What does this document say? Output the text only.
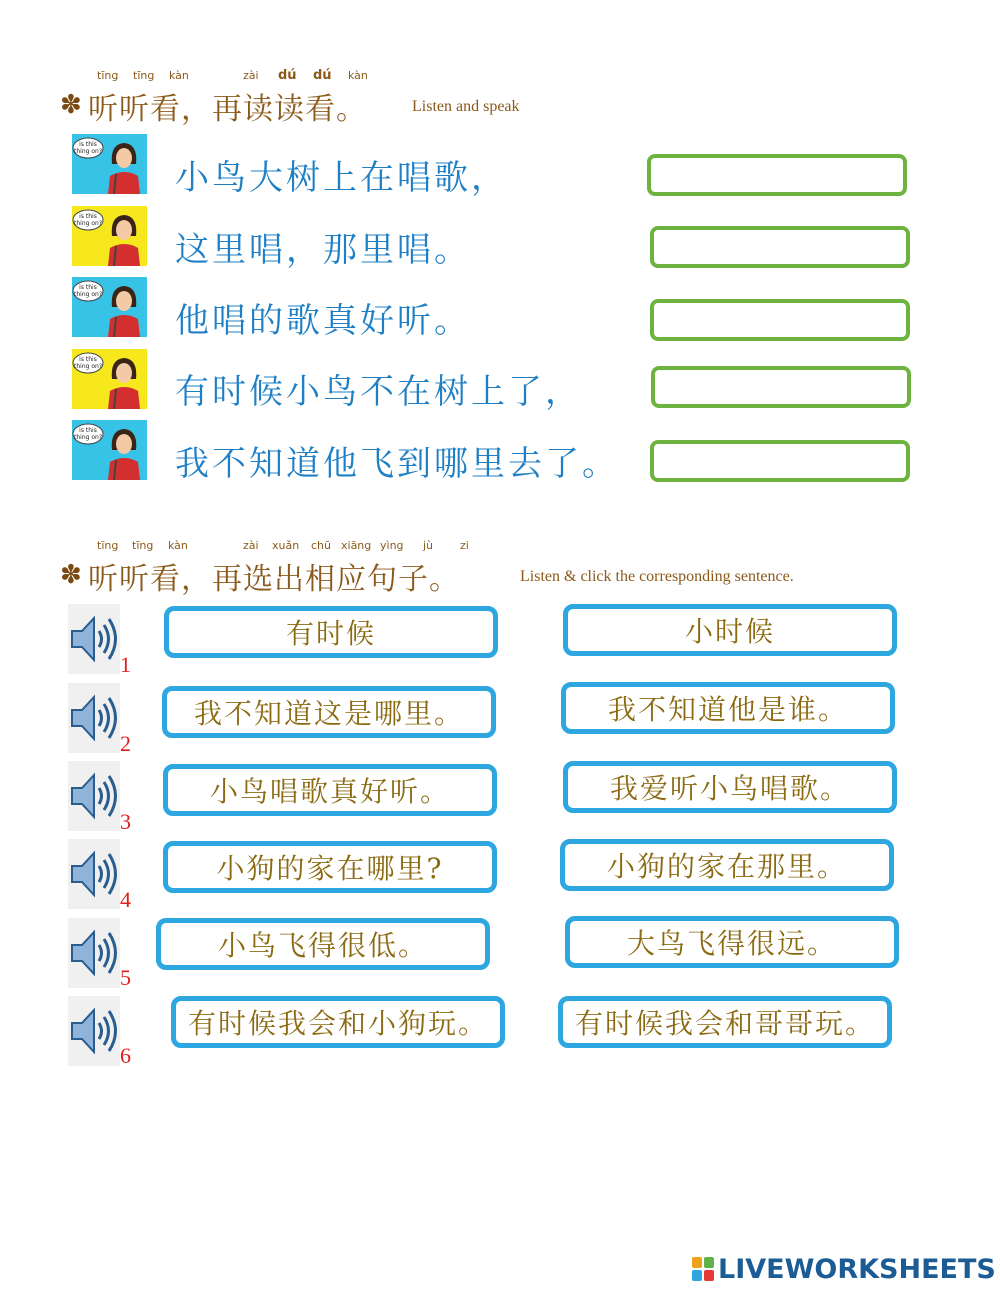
✽
tīng tīng kàn	zài dú dú kàn
听听看，再读读看。	Listen and speak
is this
thing on?
小鸟大树上在唱歌，
is this
thing on?
这里唱，那里唱。
is this
thing on?
他唱的歌真好听。
is this
thing on?
有时候小鸟不在树上了，
is this
thing on?
我不知道他飞到哪里去了。
✽
tīng tīng kàn	zài xuǎn chū xiāng yìng jù zi
听听看，再选出相应句子。	Listen & click the corresponding sentence.
1
有时候	小时候
2
我不知道这是哪里。	我不知道他是谁。
3
小鸟唱歌真好听。	我爱听小鸟唱歌。
4
小狗的家在哪里?	小狗的家在那里。
5
小鸟飞得很低。	大鸟飞得很远。
6
有时候我会和小狗玩。	有时候我会和哥哥玩。
LIVEWORKSHEETS
